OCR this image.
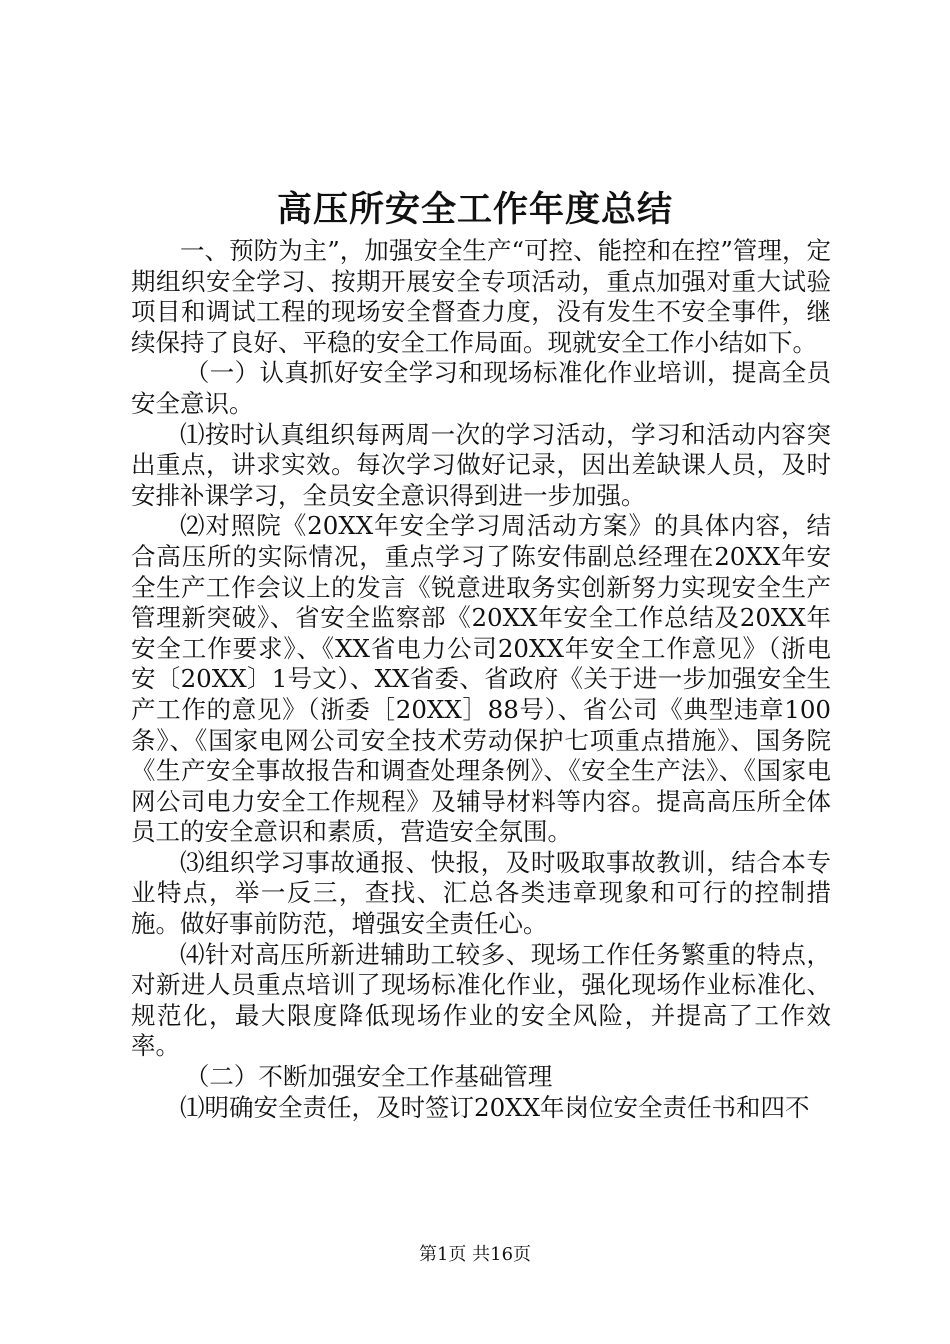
高压所安全工作年度总结

一、预防为主”，加强安全生产“可控、能控和在控”管理，定期组织安全学习、按期开展安全专项活动，重点加强对重大试验项目和调试工程的现场安全督查力度，没有发生不安全事件，继续保持了良好、平稳的安全工作局面。现就安全工作小结如下。

（一）认真抓好安全学习和现场标准化作业培训，提高全员安全意识。

⑴按时认真组织每两周一次的学习活动，学习和活动内容突出重点，讲求实效。每次学习做好记录，因出差缺课人员，及时安排补课学习，全员安全意识得到进一步加强。

⑵对照院《20XX年安全学习周活动方案》的具体内容，结合高压所的实际情况，重点学习了陈安伟副总经理在20XX年安全生产工作会议上的发言《锐意进取务实创新努力实现安全生产管理新突破》、省安全监察部《20XX年安全工作总结及20XX年安全工作要求》、《XX省电力公司20XX年安全工作意见》（浙电安〔20XX〕1号文）、XX省委、省政府《关于进一步加强安全生产工作的意见》（浙委［20XX］88号）、省公司《典型违章100条》、《国家电网公司安全技术劳动保护七项重点措施》、国务院《生产安全事故报告和调查处理条例》、《安全生产法》、《国家电网公司电力安全工作规程》及辅导材料等内容。提高高压所全体员工的安全意识和素质，营造安全氛围。

⑶组织学习事故通报、快报，及时吸取事故教训，结合本专业特点，举一反三，查找、汇总各类违章现象和可行的控制措施。做好事前防范，增强安全责任心。

⑷针对高压所新进辅助工较多、现场工作任务繁重的特点，对新进人员重点培训了现场标准化作业，强化现场作业标准化、规范化，最大限度降低现场作业的安全风险，并提高了工作效率。

（二）不断加强安全工作基础管理

⑴明确安全责任，及时签订20XX年岗位安全责任书和四不

第1页 共16页
